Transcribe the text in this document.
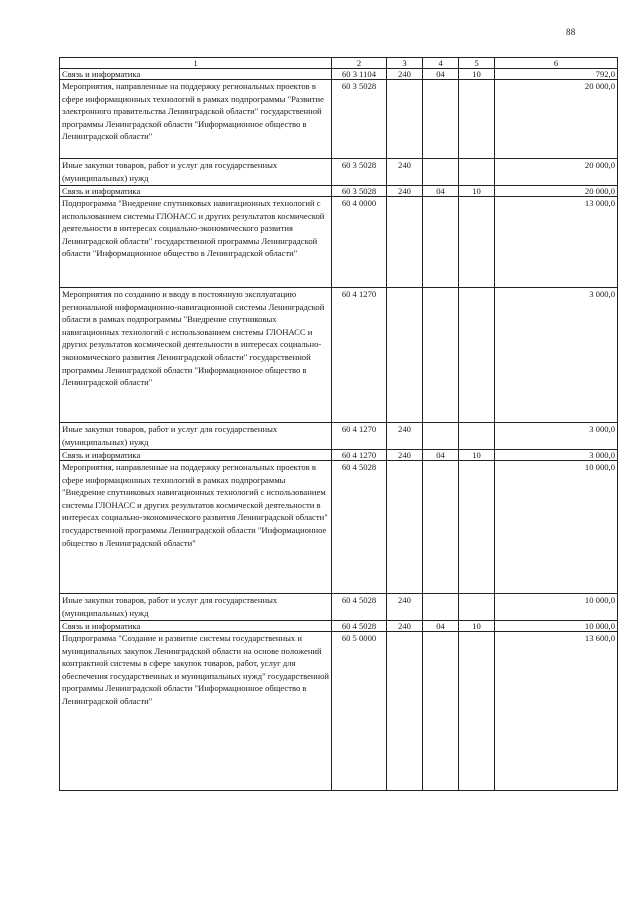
88
1	2	3	4	5	6
Связь и информатика	60 3 1104	240	04	10	792,0
Мероприятия, направленные на поддержку региональных проектов в сфере информационных технологий в рамках подпрограммы "Развитие электронного правительства Ленинградской области" государственной программы Ленинградской области "Информационное общество в Ленинградской области"	60 3 5028				20 000,0
Иные закупки товаров, работ и услуг для государственных (муниципальных) нужд	60 3 5028	240			20 000,0
Связь и информатика	60 3 5028	240	04	10	20 000,0
Подпрограмма "Внедрение спутниковых навигационных технологий с использованием системы ГЛОНАСС и других результатов космической деятельности в интересах социально-экономического развития Ленинградской области" государственной программы Ленинградской области "Информационное общество в Ленинградской области"	60 4 0000				13 000,0
Мероприятия по созданию и вводу в постоянную эксплуатацию региональной информационно-навигационной системы Ленинградской области в рамках подпрограммы "Внедрение спутниковых навигационных технологий с использованием системы ГЛОНАСС и других результатов космической деятельности в интересах социально-экономического развития Ленинградской области" государственной программы Ленинградской области "Информационное общество в Ленинградской области"	60 4 1270				3 000,0
Иные закупки товаров, работ и услуг для государственных (муниципальных) нужд	60 4 1270	240			3 000,0
Связь и информатика	60 4 1270	240	04	10	3 000,0
Мероприятия, направленные на поддержку региональных проектов в сфере информационных технологий в рамках подпрограммы "Внедрение спутниковых навигационных технологий с использованием системы ГЛОНАСС и других результатов космической деятельности в интересах социально-экономического развития Ленинградской области" государственной программы Ленинградской области "Информационное общество в Ленинградской области"	60 4 5028				10 000,0
Иные закупки товаров, работ и услуг для государственных (муниципальных) нужд	60 4 5028	240			10 000,0
Связь и информатика	60 4 5028	240	04	10	10 000,0
Подпрограмма "Создание и развитие системы государственных и муниципальных закупок Ленинградской области на основе положений контрактной системы в сфере закупок товаров, работ, услуг для обеспечения государственных и муниципальных нужд" государственной программы Ленинградской области "Информационное общество в Ленинградской области"	60 5 0000				13 600,0
